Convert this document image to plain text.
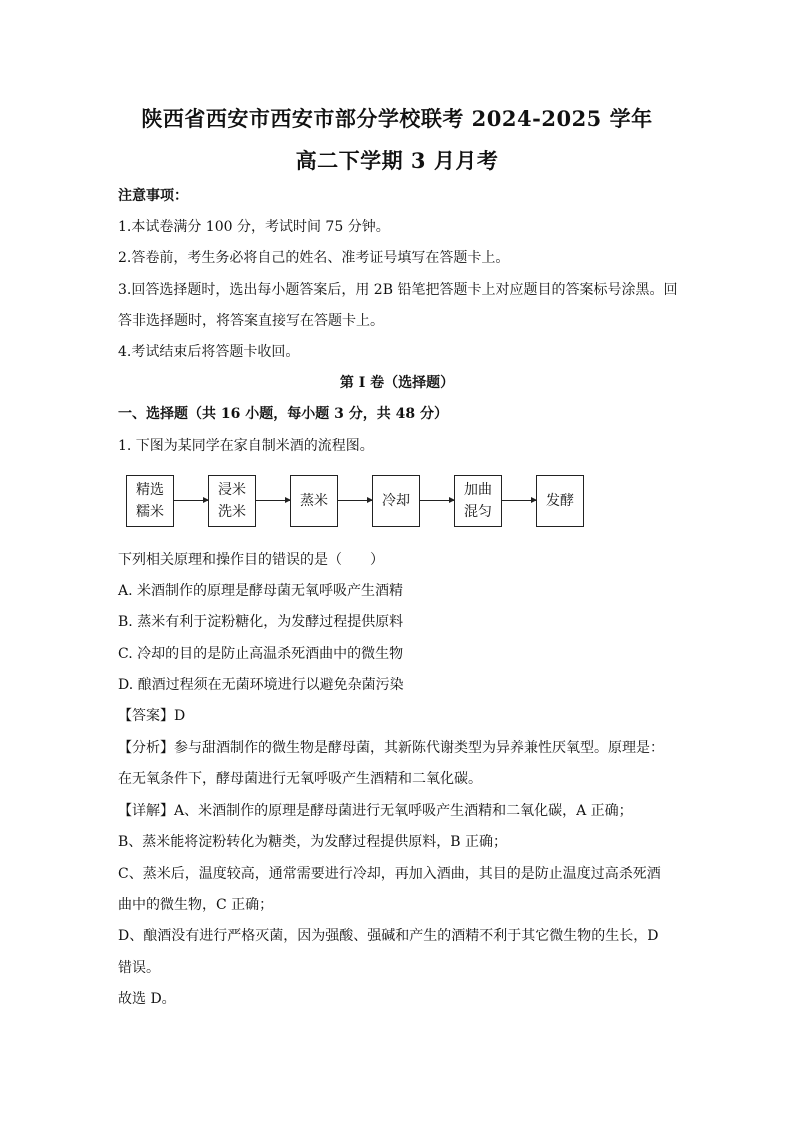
陕西省西安市西安市部分学校联考 2024-2025 学年
高二下学期 3 月月考
注意事项：
1.本试卷满分 100 分，考试时间 75 分钟。
2.答卷前，考生务必将自己的姓名、准考证号填写在答题卡上。
3.回答选择题时，选出每小题答案后，用 2B 铅笔把答题卡上对应题目的答案标号涂黑。回
答非选择题时，将答案直接写在答题卡上。
4.考试结束后将答题卡收回。
第 I 卷（选择题）
一、选择题（共 16 小题，每小题 3 分，共 48 分）
1. 下图为某同学在家自制米酒的流程图。
精选
糯米
浸米
洗米
蒸米	冷却
加曲
混匀
发酵
下列相关原理和操作目的错误的是（　　）
A. 米酒制作的原理是酵母菌无氧呼吸产生酒精
B. 蒸米有利于淀粉糖化，为发酵过程提供原料
C. 冷却的目的是防止高温杀死酒曲中的微生物
D. 酿酒过程须在无菌环境进行以避免杂菌污染
【答案】D
【分析】参与甜酒制作的微生物是酵母菌，其新陈代谢类型为异养兼性厌氧型。原理是：
在无氧条件下，酵母菌进行无氧呼吸产生酒精和二氧化碳。
【详解】A、米酒制作的原理是酵母菌进行无氧呼吸产生酒精和二氧化碳，A 正确；
B、蒸米能将淀粉转化为糖类，为发酵过程提供原料，B 正确；
C、蒸米后，温度较高，通常需要进行冷却，再加入酒曲，其目的是防止温度过高杀死酒
曲中的微生物，C 正确；
D、酿酒没有进行严格灭菌，因为强酸、强碱和产生的酒精不利于其它微生物的生长，D
错误。
故选 D。
